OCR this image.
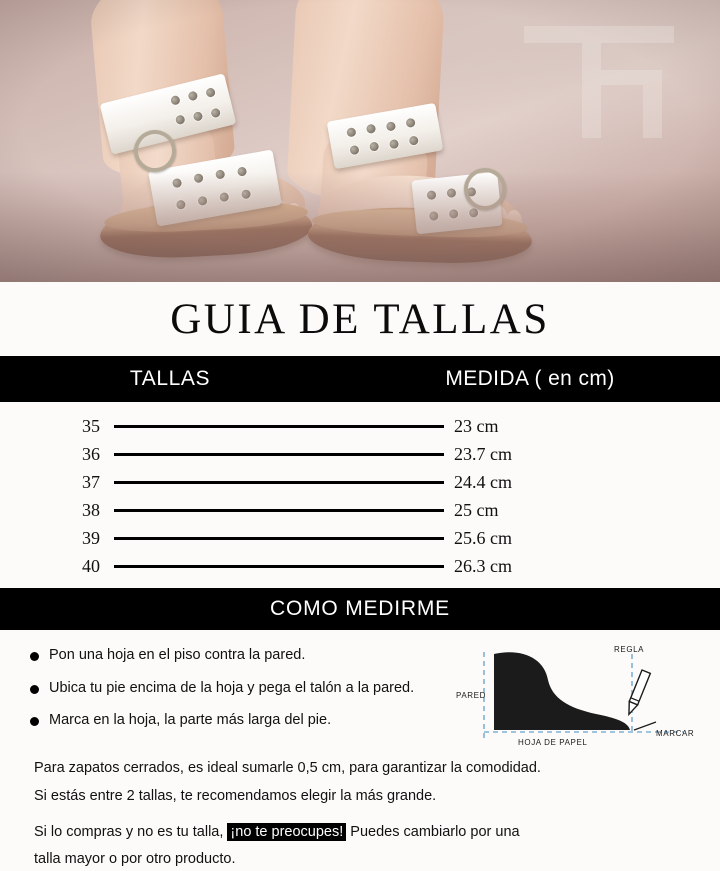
GUIA DE TALLAS
TALLAS	MEDIDA ( en cm)
35	23 cm
36	23.7 cm
37	24.4 cm
38	25 cm
39	25.6 cm
40	26.3 cm
COMO MEDIRME
Pon una hoja en el piso contra la pared.
Ubica tu pie encima de la hoja y pega el talón a la pared.
Marca en la hoja, la parte más larga del pie.
PARED
REGLA
HOJA DE PAPEL
MARCAR

Para zapatos cerrados, es ideal sumarle 0,5 cm, para garantizar la comodidad.

Si estás entre 2 tallas, te recomendamos elegir la más grande.

Si lo compras y no es tu talla, ¡no te preocupes! Puedes cambiarlo por una

talla mayor o por otro producto.
